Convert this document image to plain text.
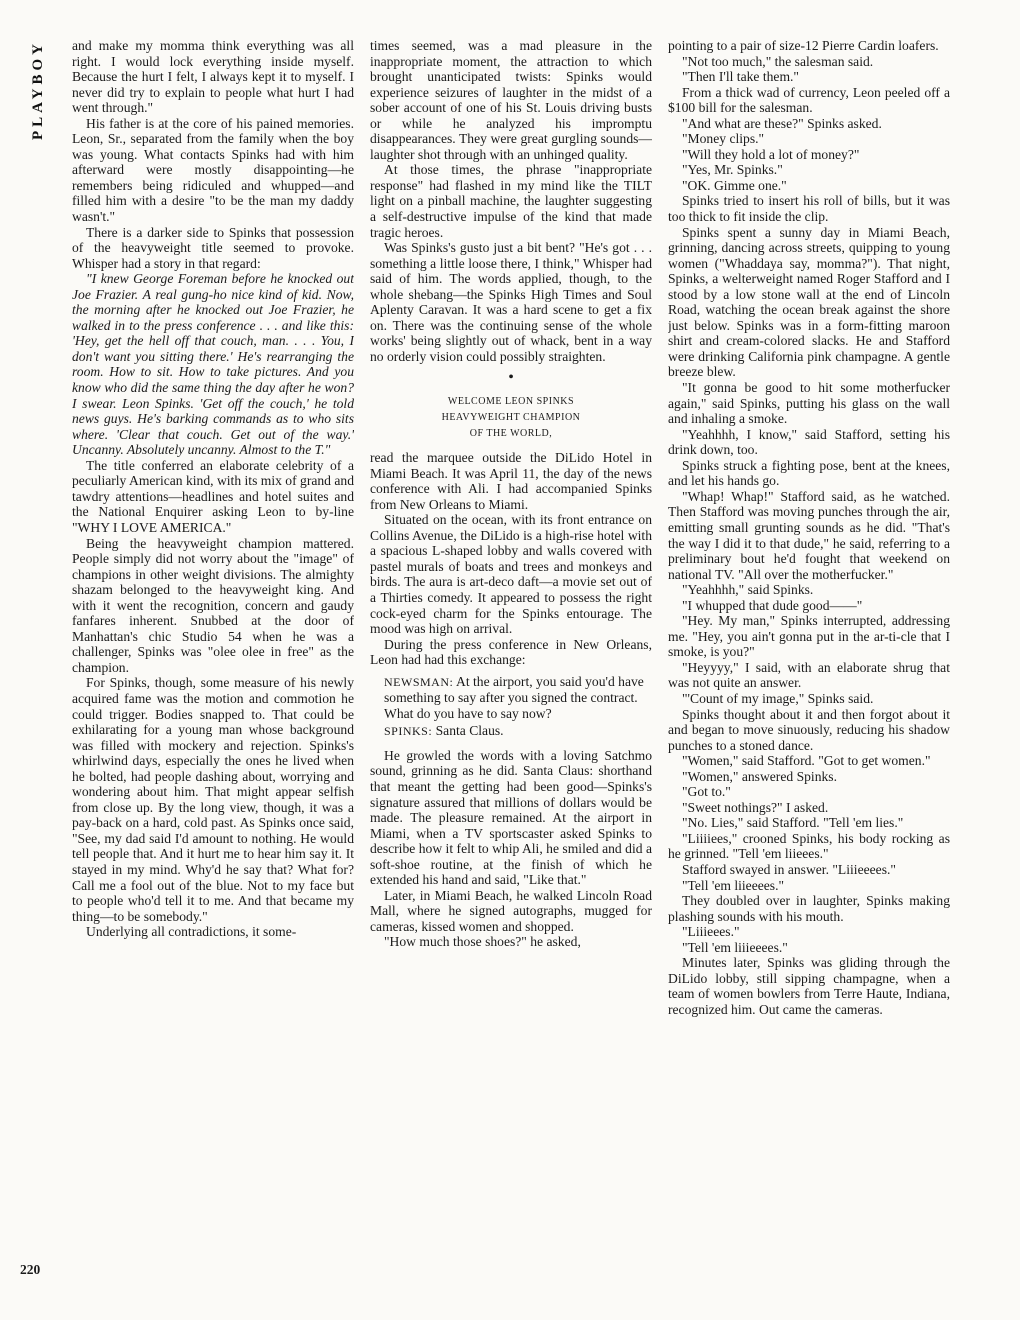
PLAYBOY
220

and make my momma think everything was all right. I would lock everything inside myself. Because the hurt I felt, I always kept it to myself. I never did try to explain to people what hurt I had went through."

His father is at the core of his pained memories. Leon, Sr., separated from the family when the boy was young. What contacts Spinks had with him afterward were mostly disappointing—he remembers being ridiculed and whupped—and filled him with a desire "to be the man my daddy wasn't."

There is a darker side to Spinks that possession of the heavyweight title seemed to provoke. Whisper had a story in that regard:

"I knew George Foreman before he knocked out Joe Frazier. A real gung-ho nice kind of kid. Now, the morning after he knocked out Joe Frazier, he walked in to the press conference . . . and like this: 'Hey, get the hell off that couch, man. . . . You, I don't want you sitting there.' He's rearranging the room. How to sit. How to take pictures. And you know who did the same thing the day after he won? I swear. Leon Spinks. 'Get off the couch,' he told news guys. He's barking commands as to who sits where. 'Clear that couch. Get out of the way.' Uncanny. Absolutely uncanny. Almost to the T."

The title conferred an elaborate celebrity of a peculiarly American kind, with its mix of grand and tawdry attentions—headlines and hotel suites and the National Enquirer asking Leon to by-line "WHY I LOVE AMERICA."

Being the heavyweight champion mattered. People simply did not worry about the "image" of champions in other weight divisions. The almighty shazam belonged to the heavyweight king. And with it went the recognition, concern and gaudy fanfares inherent. Snubbed at the door of Manhattan's chic Studio 54 when he was a challenger, Spinks was "olee olee in free" as the champion.

For Spinks, though, some measure of his newly acquired fame was the motion and commotion he could trigger. Bodies snapped to. That could be exhilarating for a young man whose background was filled with mockery and rejection. Spinks's whirlwind days, especially the ones he lived when he bolted, had people dashing about, worrying and wondering about him. That might appear selfish from close up. By the long view, though, it was a pay-back on a hard, cold past. As Spinks once said, "See, my dad said I'd amount to nothing. He would tell people that. And it hurt me to hear him say it. It stayed in my mind. Why'd he say that? What for? Call me a fool out of the blue. Not to my face but to people who'd tell it to me. And that became my thing—to be somebody."

Underlying all contradictions, it some-

times seemed, was a mad pleasure in the inappropriate moment, the attraction to which brought unanticipated twists: Spinks would experience seizures of laughter in the midst of a sober account of one of his St. Louis driving busts or while he analyzed his impromptu disappearances. They were great gurgling sounds—laughter shot through with an unhinged quality.

At those times, the phrase "inappropriate response" had flashed in my mind like the TILT light on a pinball machine, the laughter suggesting a self-destructive impulse of the kind that made tragic heroes.

Was Spinks's gusto just a bit bent? "He's got . . . something a little loose there, I think," Whisper had said of him. The words applied, though, to the whole shebang—the Spinks High Times and Soul Aplenty Caravan. It was a hard scene to get a fix on. There was the continuing sense of the whole works' being slightly out of whack, bent in a way no orderly vision could possibly straighten.

•
WELCOME LEON SPINKS
HEAVYWEIGHT CHAMPION
OF THE WORLD,

read the marquee outside the DiLido Hotel in Miami Beach. It was April 11, the day of the news conference with Ali. I had accompanied Spinks from New Orleans to Miami.

Situated on the ocean, with its front entrance on Collins Avenue, the DiLido is a high-rise hotel with a spacious L-shaped lobby and walls covered with pastel murals of boats and trees and monkeys and birds. The aura is art-deco daft—a movie set out of a Thirties comedy. It appeared to possess the right cock-eyed charm for the Spinks entourage. The mood was high on arrival.

During the press conference in New Orleans, Leon had had this exchange:

NEWSMAN: At the airport, you said you'd have something to say after you signed the contract. What do you have to say now?

SPINKS: Santa Claus.

He growled the words with a loving Satchmo sound, grinning as he did. Santa Claus: shorthand that meant the getting had been good—Spinks's signature assured that millions of dollars would be made. The pleasure remained. At the airport in Miami, when a TV sportscaster asked Spinks to describe how it felt to whip Ali, he smiled and did a soft-shoe routine, at the finish of which he extended his hand and said, "Like that."

Later, in Miami Beach, he walked Lincoln Road Mall, where he signed autographs, mugged for cameras, kissed women and shopped.

"How much those shoes?" he asked,

pointing to a pair of size-12 Pierre Cardin loafers.

"Not too much," the salesman said.

"Then I'll take them."

From a thick wad of currency, Leon peeled off a $100 bill for the salesman.

"And what are these?" Spinks asked.

"Money clips."

"Will they hold a lot of money?"

"Yes, Mr. Spinks."

"OK. Gimme one."

Spinks tried to insert his roll of bills, but it was too thick to fit inside the clip.

Spinks spent a sunny day in Miami Beach, grinning, dancing across streets, quipping to young women ("Whaddaya say, momma?"). That night, Spinks, a welterweight named Roger Stafford and I stood by a low stone wall at the end of Lincoln Road, watching the ocean break against the shore just below. Spinks was in a form-fitting maroon shirt and cream-colored slacks. He and Stafford were drinking California pink champagne. A gentle breeze blew.

"It gonna be good to hit some motherfucker again," said Spinks, putting his glass on the wall and inhaling a smoke.

"Yeahhhh, I know," said Stafford, setting his drink down, too.

Spinks struck a fighting pose, bent at the knees, and let his hands go.

"Whap! Whap!" Stafford said, as he watched. Then Stafford was moving punches through the air, emitting small grunting sounds as he did. "That's the way I did it to that dude," he said, referring to a preliminary bout he'd fought that weekend on national TV. "All over the motherfucker."

"Yeahhhh," said Spinks.

"I whupped that dude good——"

"Hey. My man," Spinks interrupted, addressing me. "Hey, you ain't gonna put in the ar-ti-cle that I smoke, is you?"

"Heyyyy," I said, with an elaborate shrug that was not quite an answer.

"'Count of my image," Spinks said.

Spinks thought about it and then forgot about it and began to move sinuously, reducing his shadow punches to a stoned dance.

"Women," said Stafford. "Got to get women."

"Women," answered Spinks.

"Got to."

"Sweet nothings?" I asked.

"No. Lies," said Stafford. "Tell 'em lies."

"Liiiiees," crooned Spinks, his body rocking as he grinned. "Tell 'em liieees."

Stafford swayed in answer. "Liiieeees."

"Tell 'em liieeees."

They doubled over in laughter, Spinks making plashing sounds with his mouth.

"Liiieees."

"Tell 'em liiieeees."

Minutes later, Spinks was gliding through the DiLido lobby, still sipping champagne, when a team of women bowlers from Terre Haute, Indiana, recognized him. Out came the cameras.
